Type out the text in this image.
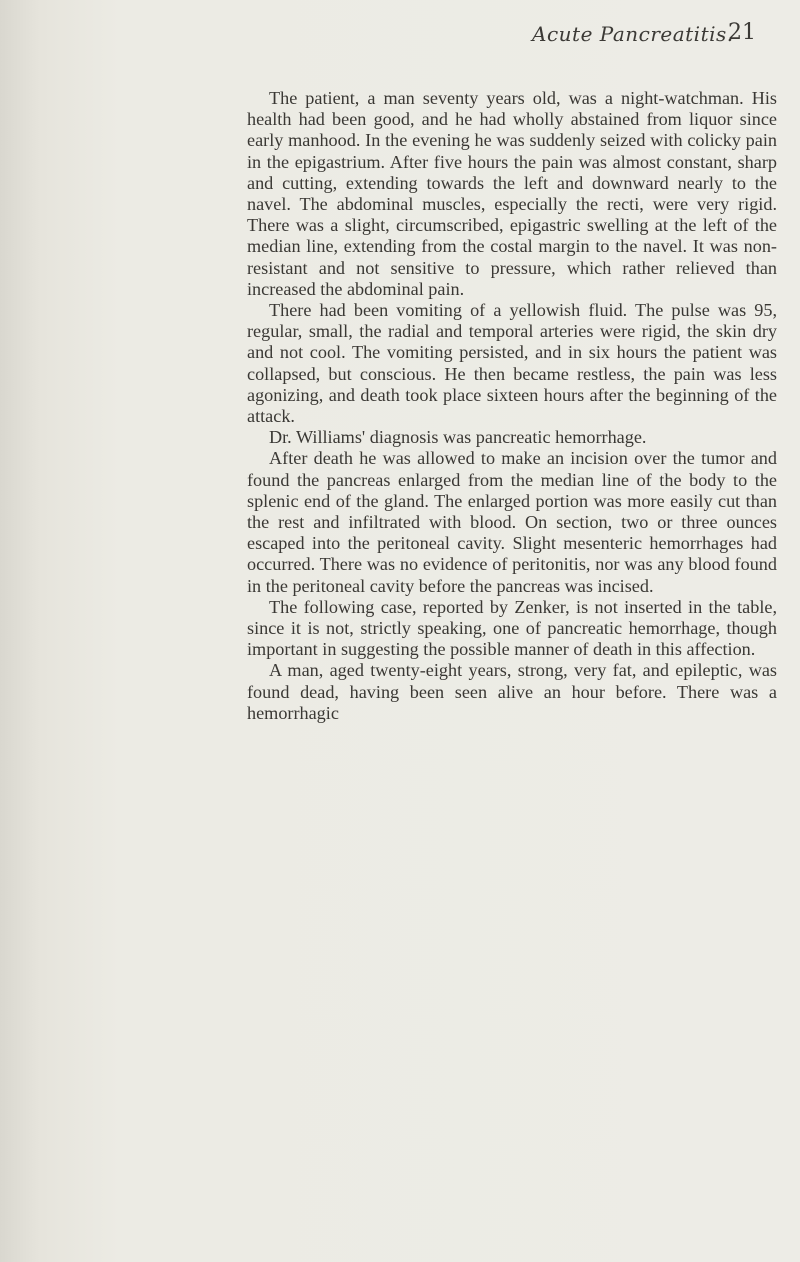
Acute Pancreatitis.
21

The patient, a man seventy years old, was a night-watchman. His health had been good, and he had wholly abstained from liquor since early manhood. In the evening he was suddenly seized with colicky pain in the epigastrium. After five hours the pain was almost constant, sharp and cutting, extending towards the left and downward nearly to the navel. The abdominal muscles, especially the recti, were very rigid. There was a slight, circumscribed, epigastric swelling at the left of the median line, extending from the costal margin to the navel. It was non-resistant and not sensitive to pressure, which rather relieved than increased the abdominal pain.

There had been vomiting of a yellowish fluid. The pulse was 95, regular, small, the radial and temporal arteries were rigid, the skin dry and not cool. The vomiting persisted, and in six hours the patient was collapsed, but conscious. He then became restless, the pain was less agonizing, and death took place sixteen hours after the beginning of the attack.

Dr. Williams' diagnosis was pancreatic hemorrhage.

After death he was allowed to make an incision over the tumor and found the pancreas enlarged from the median line of the body to the splenic end of the gland. The enlarged portion was more easily cut than the rest and infiltrated with blood. On section, two or three ounces escaped into the peritoneal cavity. Slight mesenteric hemorrhages had occurred. There was no evidence of peritonitis, nor was any blood found in the peritoneal cavity before the pancreas was incised.

The following case, reported by Zenker, is not inserted in the table, since it is not, strictly speaking, one of pancreatic hemorrhage, though important in suggesting the possible manner of death in this affection.

A man, aged twenty-eight years, strong, very fat, and epileptic, was found dead, having been seen alive an hour before. There was a hemorrhagic
